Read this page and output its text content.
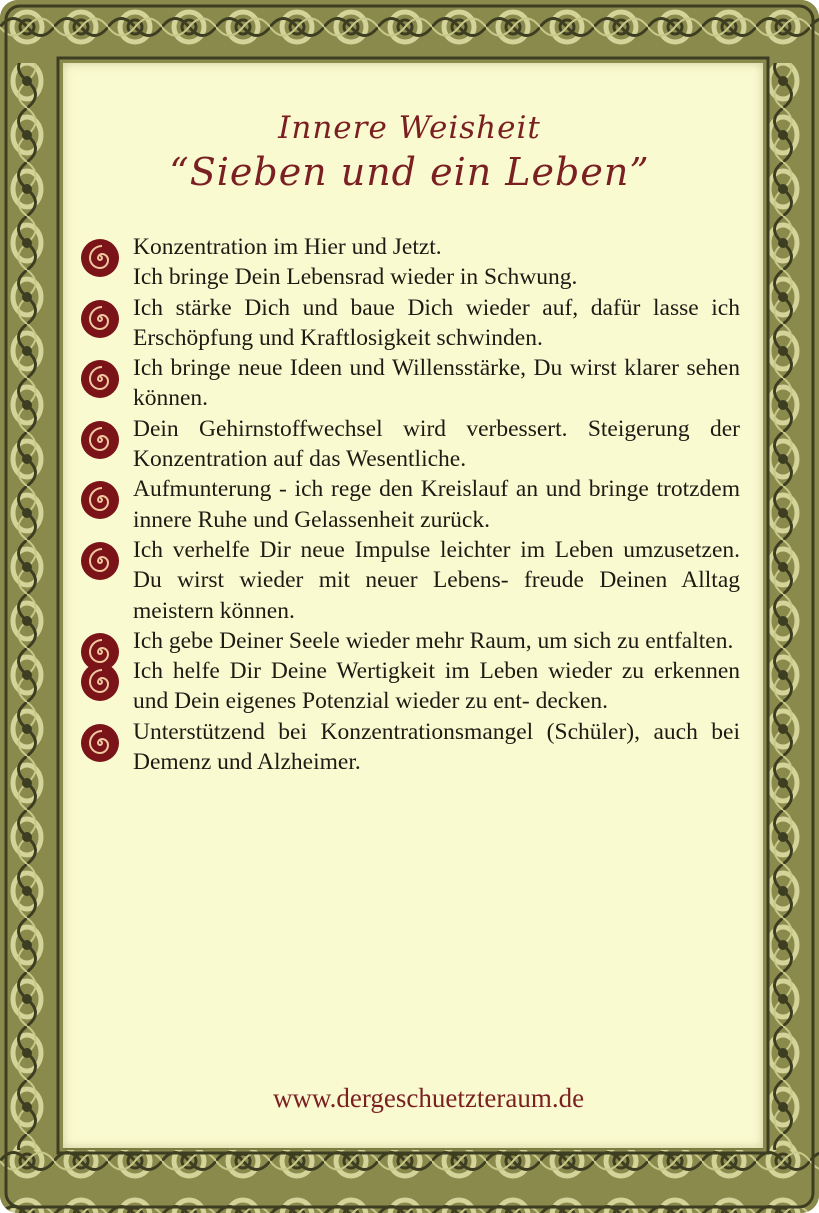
Innere Weisheit
“Sieben und ein Leben”
Konzentration im Hier und Jetzt.
Ich bringe Dein Lebensrad wieder in Schwung.
Ich stärke Dich und baue Dich wieder auf, dafür lasse ich Erschöpfung und Kraftlosigkeit schwinden.
Ich bringe neue Ideen und Willensstärke, Du wirst klarer sehen können.
Dein Gehirnstoffwechsel wird verbessert. Steigerung der Konzentration auf das Wesentliche.
Aufmunterung - ich rege den Kreislauf an und bringe trotzdem innere Ruhe und Gelassenheit zurück.
Ich verhelfe Dir neue Impulse leichter im Leben umzusetzen. Du wirst wieder mit neuer Lebens- freude Deinen Alltag meistern können.
Ich gebe Deiner Seele wieder mehr Raum, um sich zu entfalten.
Ich helfe Dir Deine Wertigkeit im Leben wieder zu erkennen und Dein eigenes Potenzial wieder zu ent- decken.
Unterstützend bei Konzentrationsmangel (Schüler), auch bei Demenz und Alzheimer.
www.dergeschuetzteraum.de
